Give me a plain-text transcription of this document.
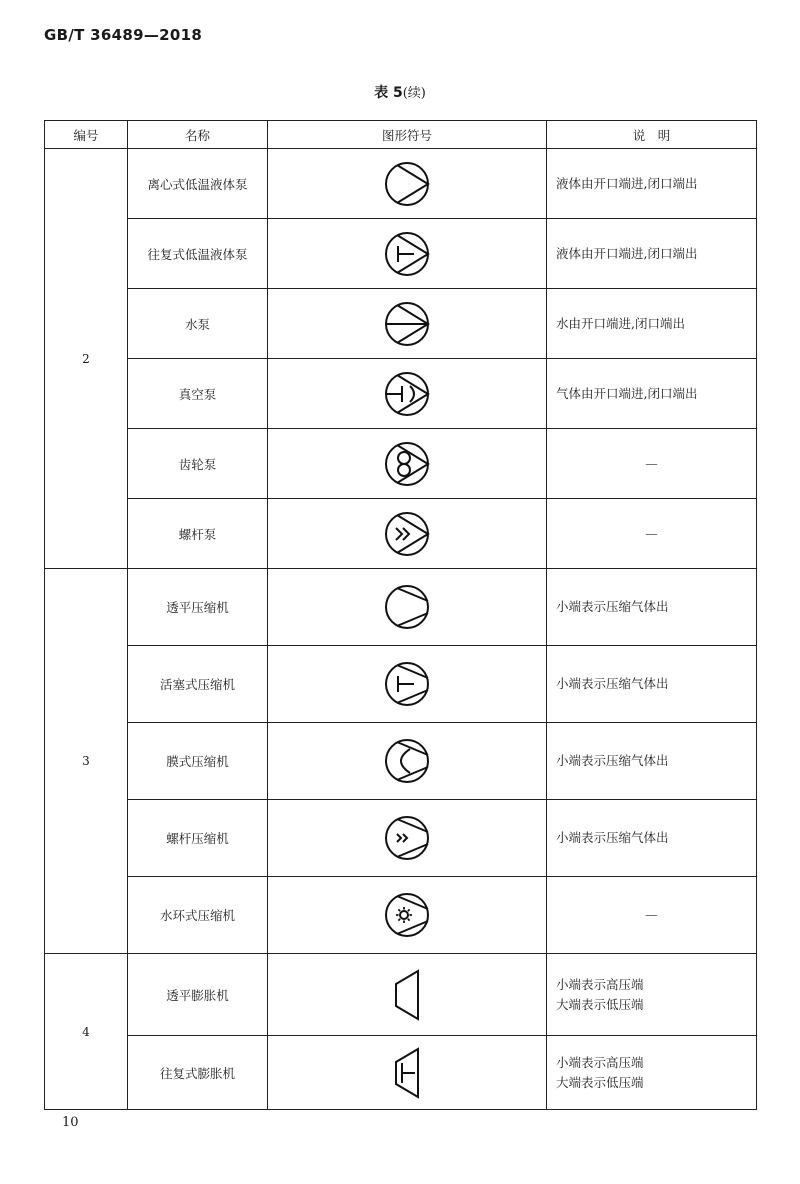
GB/T 36489—2018
表 5(续)
编号	名称	图形符号	说　明
2	离心式低温液体泵		液体由开口端进,闭口端出

	往复式低温液体泵		液体由开口端进,闭口端出

	水泵		水由开口端进,闭口端出

	真空泵		气体由开口端进,闭口端出

	齿轮泵		—

	螺杆泵		—

3	透平压缩机		小端表示压缩气体出

	活塞式压缩机		小端表示压缩气体出

	膜式压缩机		小端表示压缩气体出

	螺杆压缩机		小端表示压缩气体出

	水环式压缩机		—

4	透平膨胀机		小端表示高压端
大端表示低压端

	往复式膨胀机		小端表示高压端
大端表示低压端
10
